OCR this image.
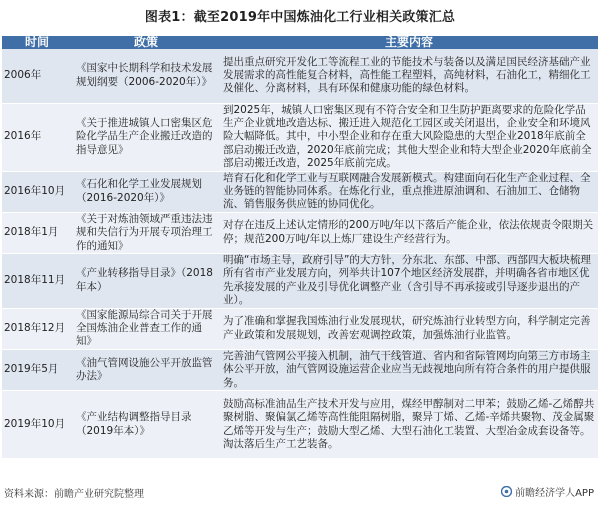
图表1：截至2019年中国炼油化工行业相关政策汇总
时间	政策	主要内容
2006年	《国家中长期科学和技术发展规划纲要（2006-2020年）》	提出重点研究开发化工等流程工业的节能技术与装备以及满足国民经济基础产业发展需求的高性能复合材料，高性能工程塑料，高纯材料，石油化工，精细化工及催化、分离材料，具有环保和健康功能的绿色材料。
2016年	《关于推进城镇人口密集区危险化学品生产企业搬迁改造的指导意见》	到2025年，城镇人口密集区现有不符合安全和卫生防护距离要求的危险化学品生产企业就地改造达标、搬迁进入规范化工园区或关闭退出，企业安全和环境风险大幅降低。其中，中小型企业和存在重大风险隐患的大型企业2018年底前全部启动搬迁改造，2020年底前完成；其他大型企业和特大型企业2020年底前全部启动搬迁改造，2025年底前完成。
2016年10月	《石化和化学工业发展规划（2016-2020年）》	培育石化和化学工业与互联网融合发展新模式。构建面向石化生产企业过程、全业务链的智能协同体系。在炼化行业，重点推进原油调和、石油加工、仓储物流、销售服务供应链的协同优化。
2018年1月	《关于对炼油领域严重违法违规和失信行为开展专项治理工作的通知》	对存在违反上述认定情形的200万吨/年以下落后产能企业，依法依规责令限期关停；规范200万吨/年以上炼厂建设生产经营行为。
2018年11月	《产业转移指导目录》（2018年本）	明确“市场主导，政府引导”的大方针，分东北、东部、中部、西部四大板块梳理所有省市产业发展方向，列举共计107个地区经济发展群，并明确各省市地区优先承接发展的产业及引导优化调整产业（含引导不再承接或引导逐步退出的产业）。
2018年12月	《国家能源局综合司关于开展全国炼油企业普查工作的通知》	为了准确和掌握我国炼油行业发展现状，研究炼油行业转型方向，科学制定完善产业政策和发展规划，改善宏观调控政策，加强炼油行业监管。
2019年5月	《油气管网设施公平开放监管办法》	完善油气管网公平接入机制，油气干线管道、省内和省际管网均向第三方市场主体公平开放，油气管网设施运营企业应当无歧视地向所有符合条件的用户提供服务。
2019年10月	《产业结构调整指导目录（2019年本）》	鼓励高标准油品生产技术开发与应用，煤经甲醇制对二甲苯；鼓励乙烯-乙烯醇共聚树脂、聚偏氯乙烯等高性能阻隔树脂，聚异丁烯、乙烯-辛烯共聚物、茂金属聚乙烯等开发与生产；鼓励大型乙烯、大型石油化工装置、大型冶金成套设备等。淘汰落后生产工艺装备。
资料来源：前瞻产业研究院整理	前瞻经济学人APP
